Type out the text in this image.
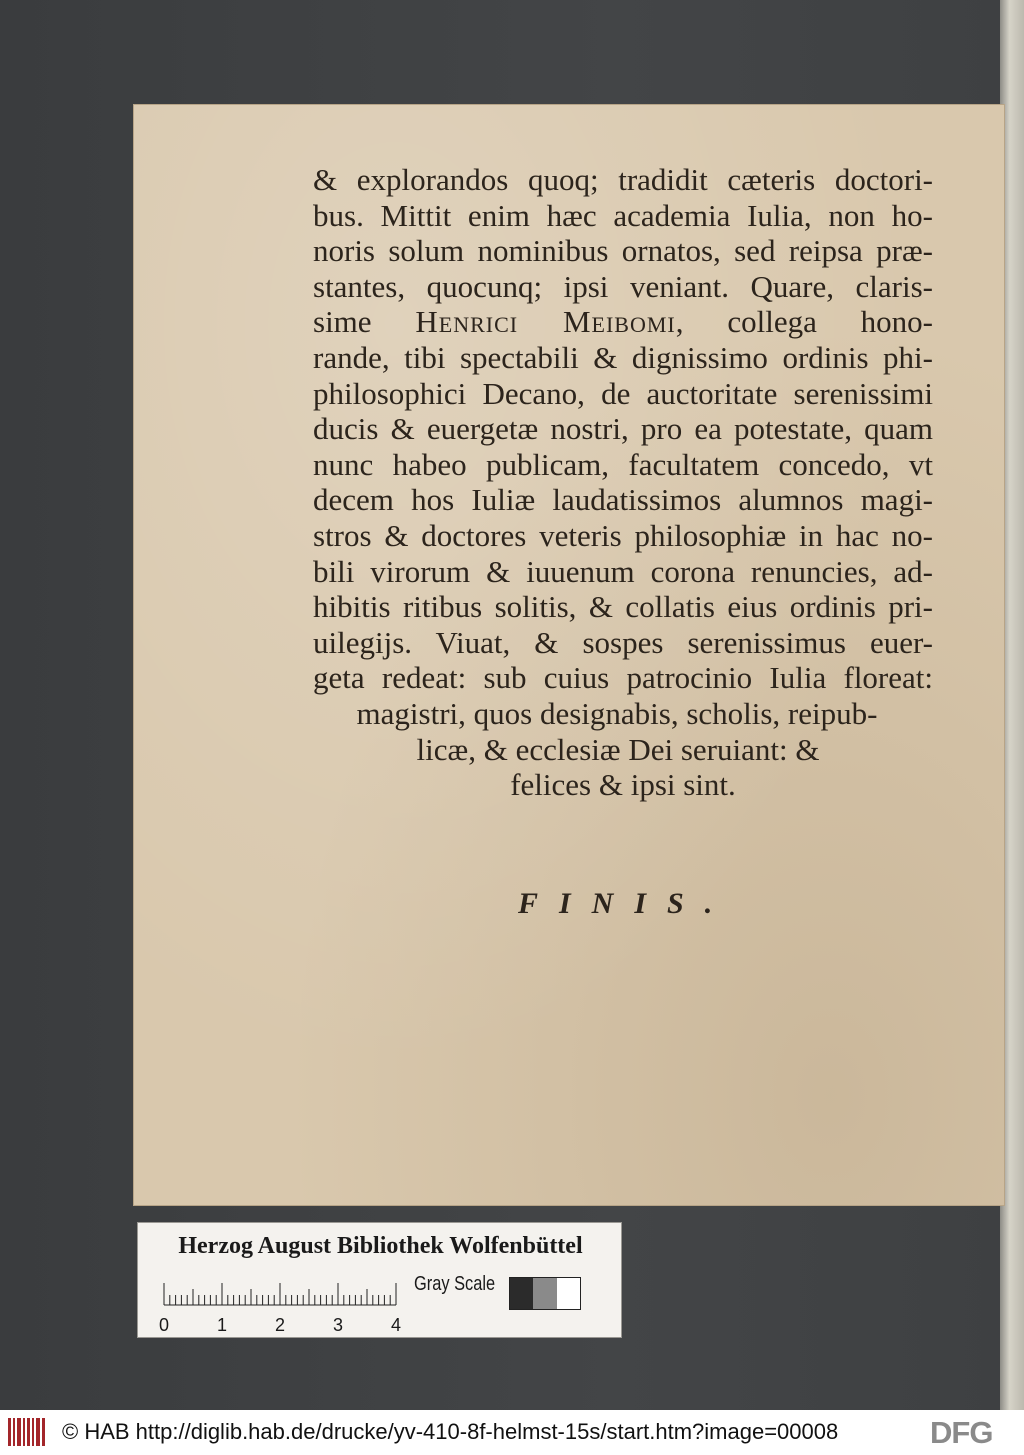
& explorandos quoq; tradidit cæteris doctori-
bus. Mittit enim hæc academia Iulia, non ho-
noris solum nominibus ornatos, sed reipsa præ-
stantes, quocunq; ipsi veniant. Quare, claris-
sime Henrici Meibomi, collega hono-
rande, tibi spectabili & dignissimo ordinis phi-
philosophici Decano, de auctoritate serenissimi
ducis & euergetæ nostri, pro ea potestate, quam
nunc habeo publicam, facultatem concedo, vt
decem hos Iuliæ laudatissimos alumnos magi-
stros & doctores veteris philosophiæ in hac no-
bili virorum & iuuenum corona renuncies, ad-
hibitis ritibus solitis, & collatis eius ordinis pri-
uilegijs. Viuat, & sospes serenissimus euer-
geta redeat: sub cuius patrocinio Iulia floreat:
magistri, quos designabis, scholis, reipub-
licæ, & ecclesiæ Dei seruiant: &
felices & ipsi sint.
FINIS.
Herzog August Bibliothek Wolfenbüttel
0	1	2	3	4
Gray Scale
© HAB http://diglib.hab.de/drucke/yv-410-8f-helmst-15s/start.htm?image=00008	DFG
